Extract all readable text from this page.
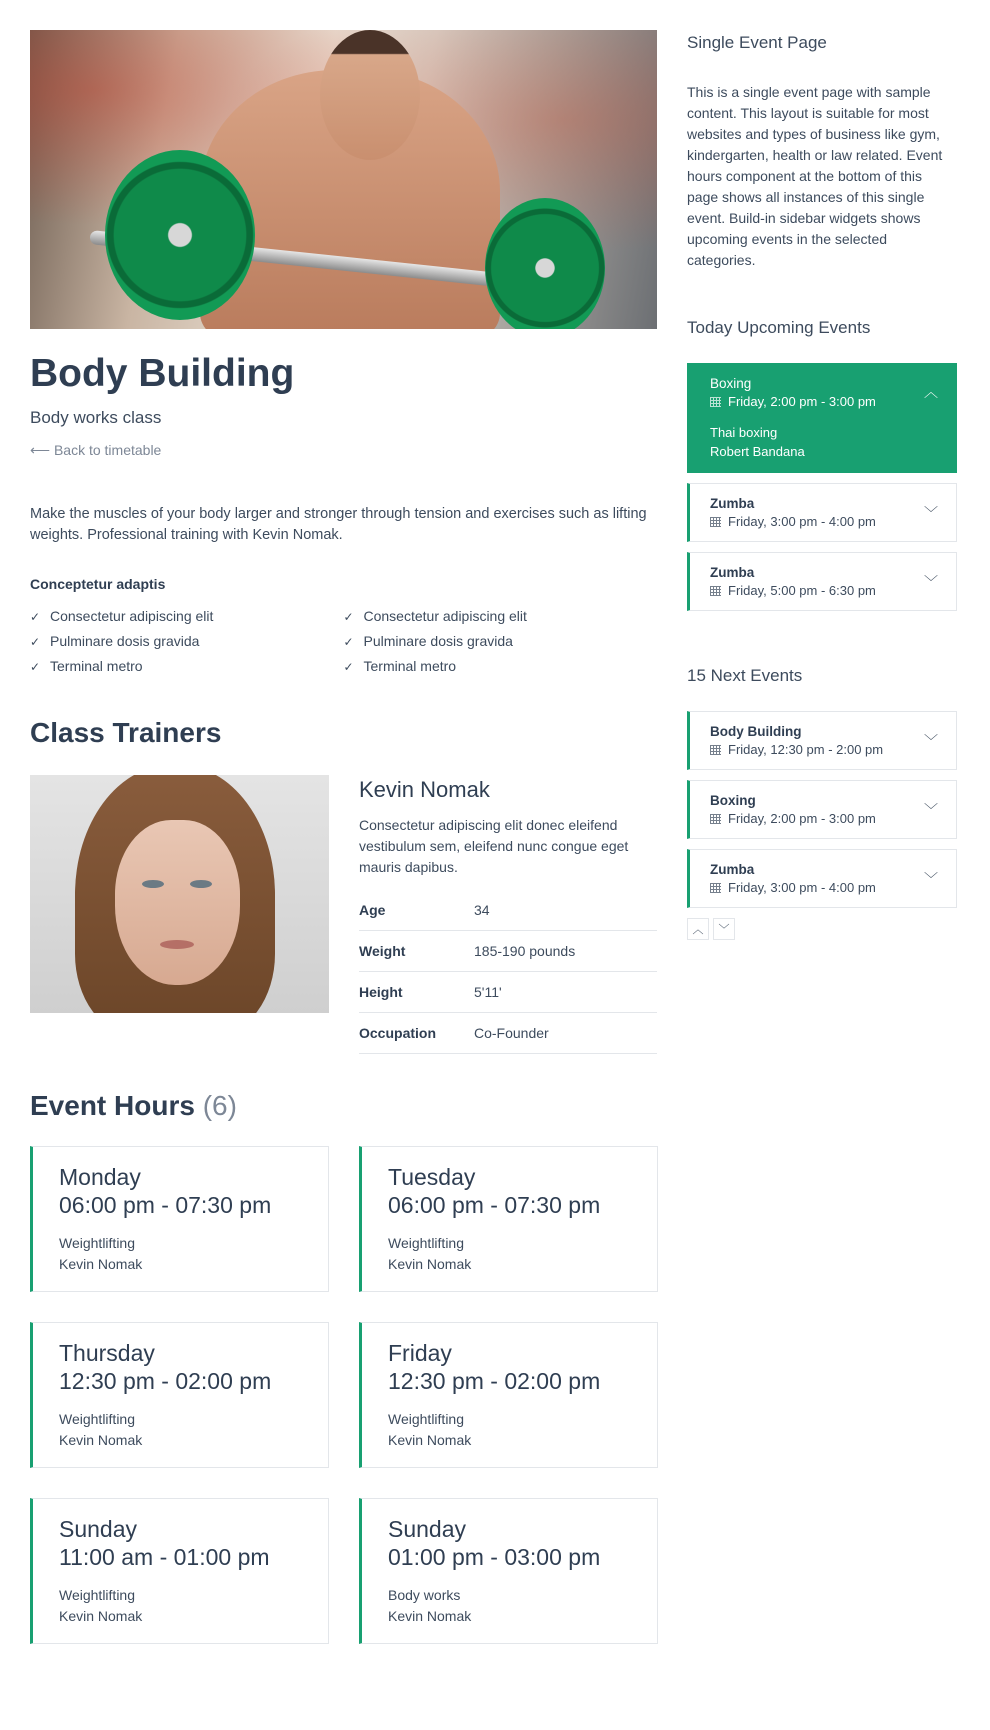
Body Building
Body works class
⟵ Back to timetable

Make the muscles of your body larger and stronger through tension and exercises such as lifting weights. Professional training with Kevin Nomak.

Conceptetur adaptis
✓ Consectetur adipiscing elit
✓ Pulminare dosis gravida
✓ Terminal metro
✓ Consectetur adipiscing elit
✓ Pulminare dosis gravida
✓ Terminal metro
Class Trainers
Kevin Nomak
Consectetur adipiscing elit donec eleifend vestibulum sem, eleifend nunc congue eget mauris dapibus.
Age	34
Weight	185-190 pounds
Height	5'11'
Occupation	Co-Founder
Event Hours (6)
Monday
06:00 pm - 07:30 pm
Weightlifting
Kevin Nomak
Tuesday
06:00 pm - 07:30 pm
Weightlifting
Kevin Nomak
Thursday
12:30 pm - 02:00 pm
Weightlifting
Kevin Nomak
Friday
12:30 pm - 02:00 pm
Weightlifting
Kevin Nomak
Sunday
11:00 am - 01:00 pm
Weightlifting
Kevin Nomak
Sunday
01:00 pm - 03:00 pm
Body works
Kevin Nomak
Single Event Page

This is a single event page with sample content. This layout is suitable for most websites and types of business like gym, kindergarten, health or law related. Event hours component at the bottom of this page shows all instances of this single event. Build-in sidebar widgets shows upcoming events in the selected categories.

Today Upcoming Events
Boxing
Friday, 2:00 pm - 3:00 pm
Thai boxing
Robert Bandana
︿
Zumba
Friday, 3:00 pm - 4:00 pm
﹀
Zumba
Friday, 5:00 pm - 6:30 pm
﹀
15 Next Events
Body Building
Friday, 12:30 pm - 2:00 pm
﹀
Boxing
Friday, 2:00 pm - 3:00 pm
﹀
Zumba
Friday, 3:00 pm - 4:00 pm
﹀
︿ ﹀
